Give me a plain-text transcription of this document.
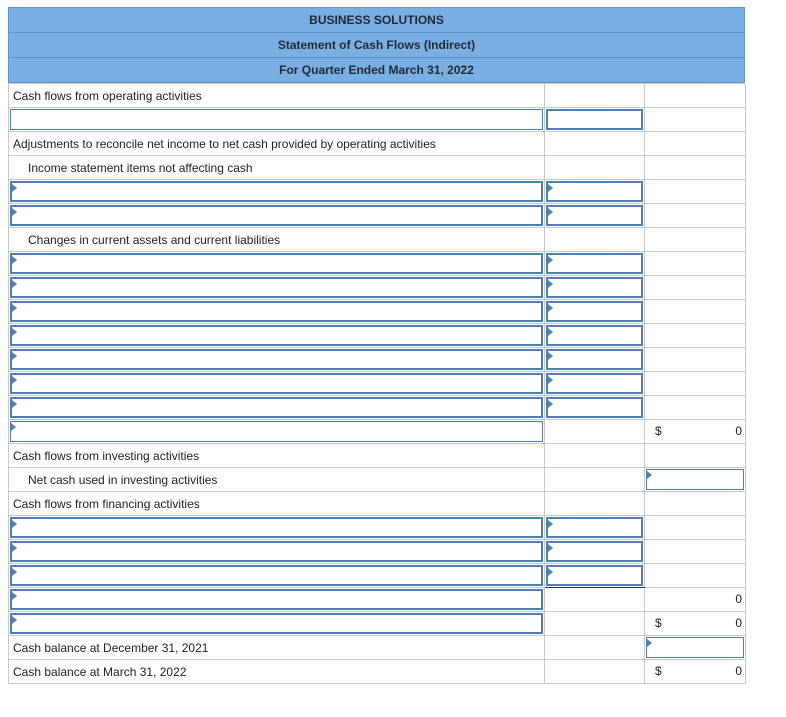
BUSINESS SOLUTIONS
Statement of Cash Flows (Indirect)
For Quarter Ended March 31, 2022
Cash flows from operating activities		

Adjustments to reconcile net income to net cash provided by operating activities		
Income statement items not affecting cash		

Changes in current assets and current liabilities		

		$ 0

Cash flows from investing activities		
Net cash used in investing activities		

Cash flows from financing activities		

		0

		$ 0

Cash balance at December 31, 2021		

Cash balance at March 31, 2022		$ 0
